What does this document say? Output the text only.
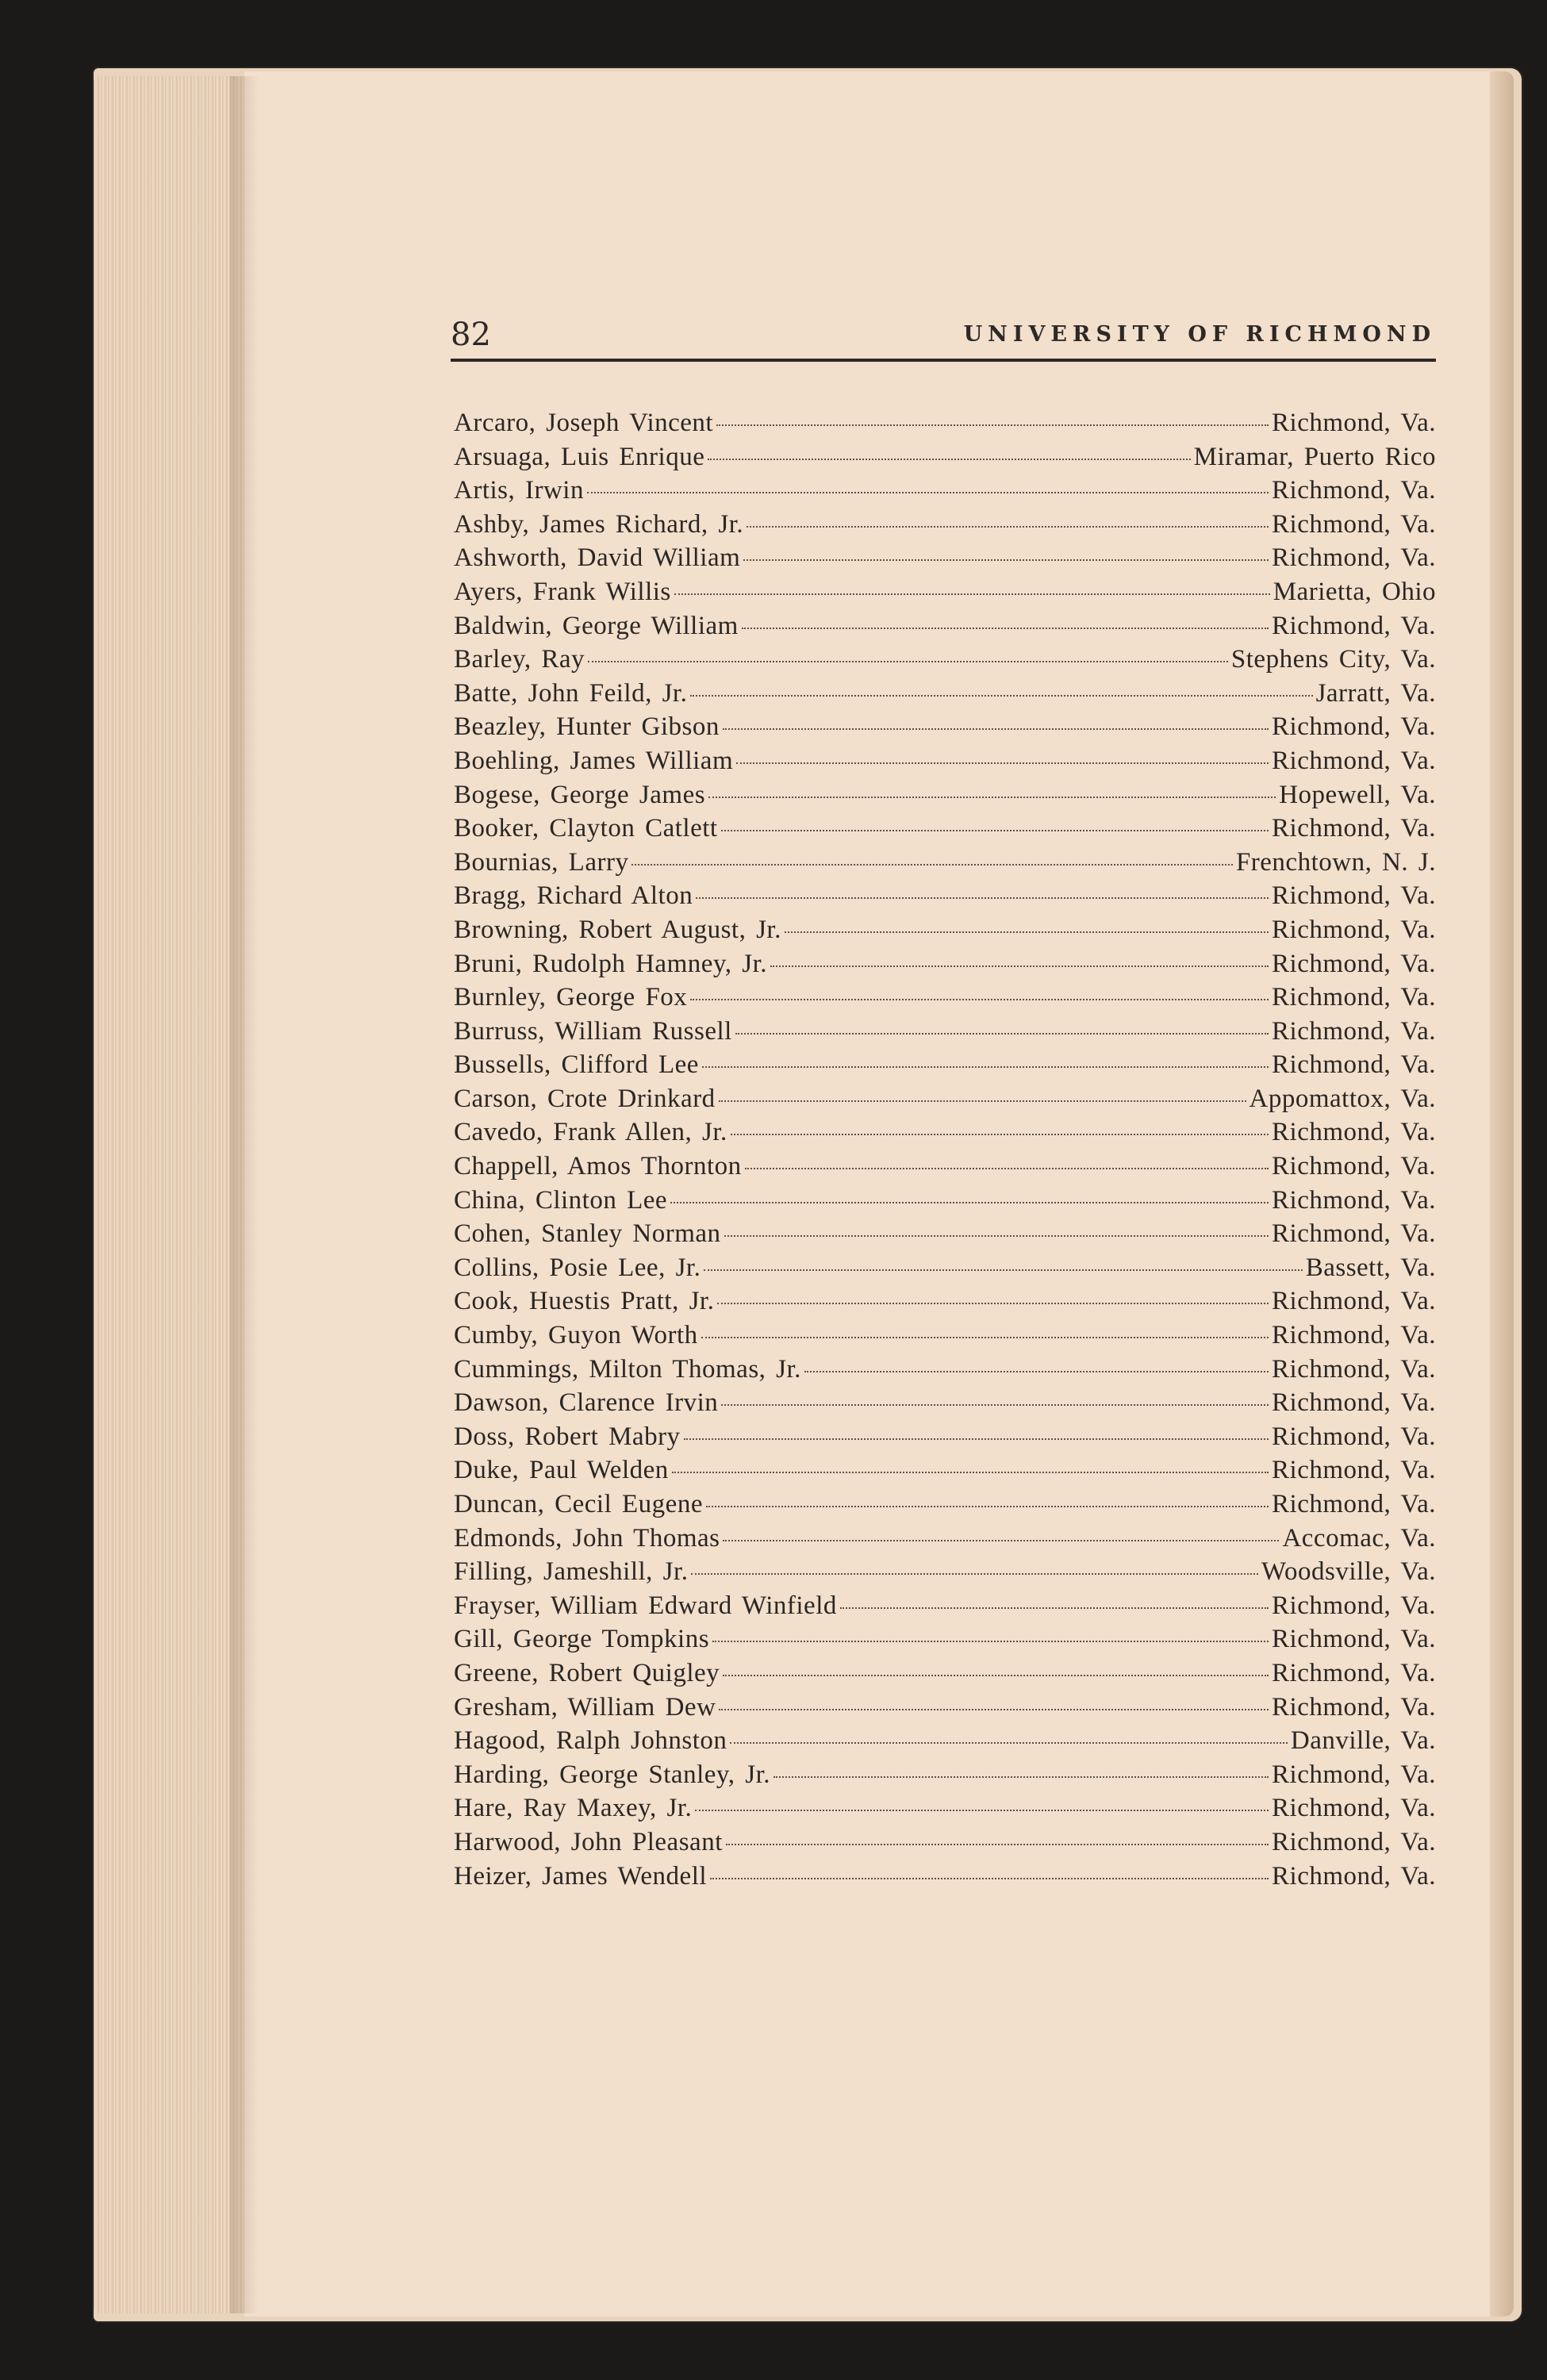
82	UNIVERSITY OF RICHMOND
Arcaro, Joseph Vincent	Richmond, Va.
Arsuaga, Luis Enrique	Miramar, Puerto Rico
Artis, Irwin	Richmond, Va.
Ashby, James Richard, Jr.	Richmond, Va.
Ashworth, David William	Richmond, Va.
Ayers, Frank Willis	Marietta, Ohio
Baldwin, George William	Richmond, Va.
Barley, Ray	Stephens City, Va.
Batte, John Feild, Jr.	Jarratt, Va.
Beazley, Hunter Gibson	Richmond, Va.
Boehling, James William	Richmond, Va.
Bogese, George James	Hopewell, Va.
Booker, Clayton Catlett	Richmond, Va.
Bournias, Larry	Frenchtown, N. J.
Bragg, Richard Alton	Richmond, Va.
Browning, Robert August, Jr.	Richmond, Va.
Bruni, Rudolph Hamney, Jr.	Richmond, Va.
Burnley, George Fox	Richmond, Va.
Burruss, William Russell	Richmond, Va.
Bussells, Clifford Lee	Richmond, Va.
Carson, Crote Drinkard	Appomattox, Va.
Cavedo, Frank Allen, Jr.	Richmond, Va.
Chappell, Amos Thornton	Richmond, Va.
China, Clinton Lee	Richmond, Va.
Cohen, Stanley Norman	Richmond, Va.
Collins, Posie Lee, Jr.	Bassett, Va.
Cook, Huestis Pratt, Jr.	Richmond, Va.
Cumby, Guyon Worth	Richmond, Va.
Cummings, Milton Thomas, Jr.	Richmond, Va.
Dawson, Clarence Irvin	Richmond, Va.
Doss, Robert Mabry	Richmond, Va.
Duke, Paul Welden	Richmond, Va.
Duncan, Cecil Eugene	Richmond, Va.
Edmonds, John Thomas	Accomac, Va.
Filling, Jameshill, Jr.	Woodsville, Va.
Frayser, William Edward Winfield	Richmond, Va.
Gill, George Tompkins	Richmond, Va.
Greene, Robert Quigley	Richmond, Va.
Gresham, William Dew	Richmond, Va.
Hagood, Ralph Johnston	Danville, Va.
Harding, George Stanley, Jr.	Richmond, Va.
Hare, Ray Maxey, Jr.	Richmond, Va.
Harwood, John Pleasant	Richmond, Va.
Heizer, James Wendell	Richmond, Va.
